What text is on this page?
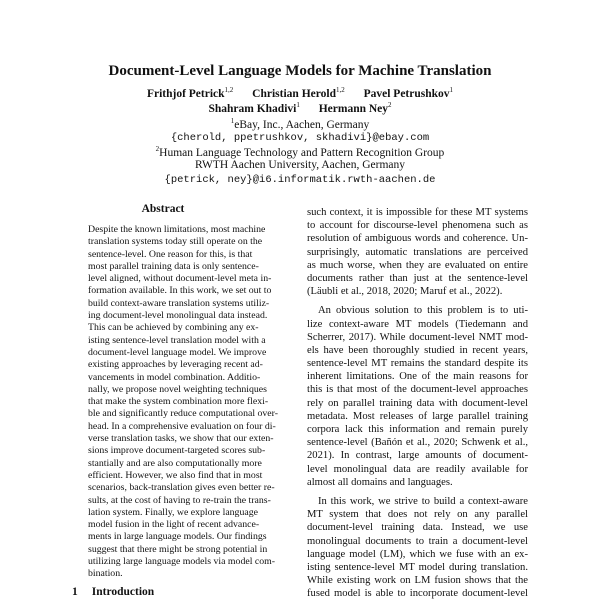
Document-Level Language Models for Machine Translation
Frithjof Petrick$^{1,2}$ Christian Herold$^{1,2}$ Pavel Petrushkov$^1$
Shahram Khadivi$^1$ Hermann Ney$^2$
$^1$eBay, Inc., Aachen, Germany
{cherold, ppetrushkov, skhadivi}@ebay.com
$^2$Human Language Technology and Pattern Recognition Group
RWTH Aachen University, Aachen, Germany
{petrick, ney}@i6.informatik.rwth-aachen.de
Abstract
Despite the known limitations, most machine
translation systems today still operate on the
sentence-level. One reason for this, is that
most parallel training data is only sentence-
level aligned, without document-level meta in-
formation available. In this work, we set out to
build context-aware translation systems utiliz-
ing document-level monolingual data instead.
This can be achieved by combining any ex-
isting sentence-level translation model with a
document-level language model. We improve
existing approaches by leveraging recent ad-
vancements in model combination. Additio-
nally, we propose novel weighting techniques
that make the system combination more flexi-
ble and significantly reduce computational over-
head. In a comprehensive evaluation on four di-
verse translation tasks, we show that our exten-
sions improve document-targeted scores sub-
stantially and are also computationally more
efficient. However, we also find that in most
scenarios, back-translation gives even better re-
sults, at the cost of having to re-train the trans-
lation system. Finally, we explore language
model fusion in the light of recent advance-
ments in large language models. Our findings
suggest that there might be strong potential in
utilizing large language models via model com-
bination.
1 Introduction
such context, it is impossible for these MT systems
to account for discourse-level phenomena such as
resolution of ambiguous words and coherence. Un-
surprisingly, automatic translations are perceived
as much worse, when they are evaluated on entire
documents rather than just at the sentence-level
(Läubli et al., 2018, 2020; Maruf et al., 2022).
An obvious solution to this problem is to uti-
lize context-aware MT models (Tiedemann and
Scherrer, 2017). While document-level NMT mod-
els have been thoroughly studied in recent years,
sentence-level MT remains the standard despite its
inherent limitations. One of the main reasons for
this is that most of the document-level approaches
rely on parallel training data with document-level
metadata. Most releases of large parallel training
corpora lack this information and remain purely
sentence-level (Bañón et al., 2020; Schwenk et al.,
2021). In contrast, large amounts of document-
level monolingual data are readily available for
almost all domains and languages.
In this work, we strive to build a context-aware
MT system that does not rely on any parallel
document-level training data. Instead, we use
monolingual documents to train a document-level
language model (LM), which we fuse with an ex-
isting sentence-level MT model during translation.
While existing work on LM fusion shows that the
fused model is able to incorporate document-level
